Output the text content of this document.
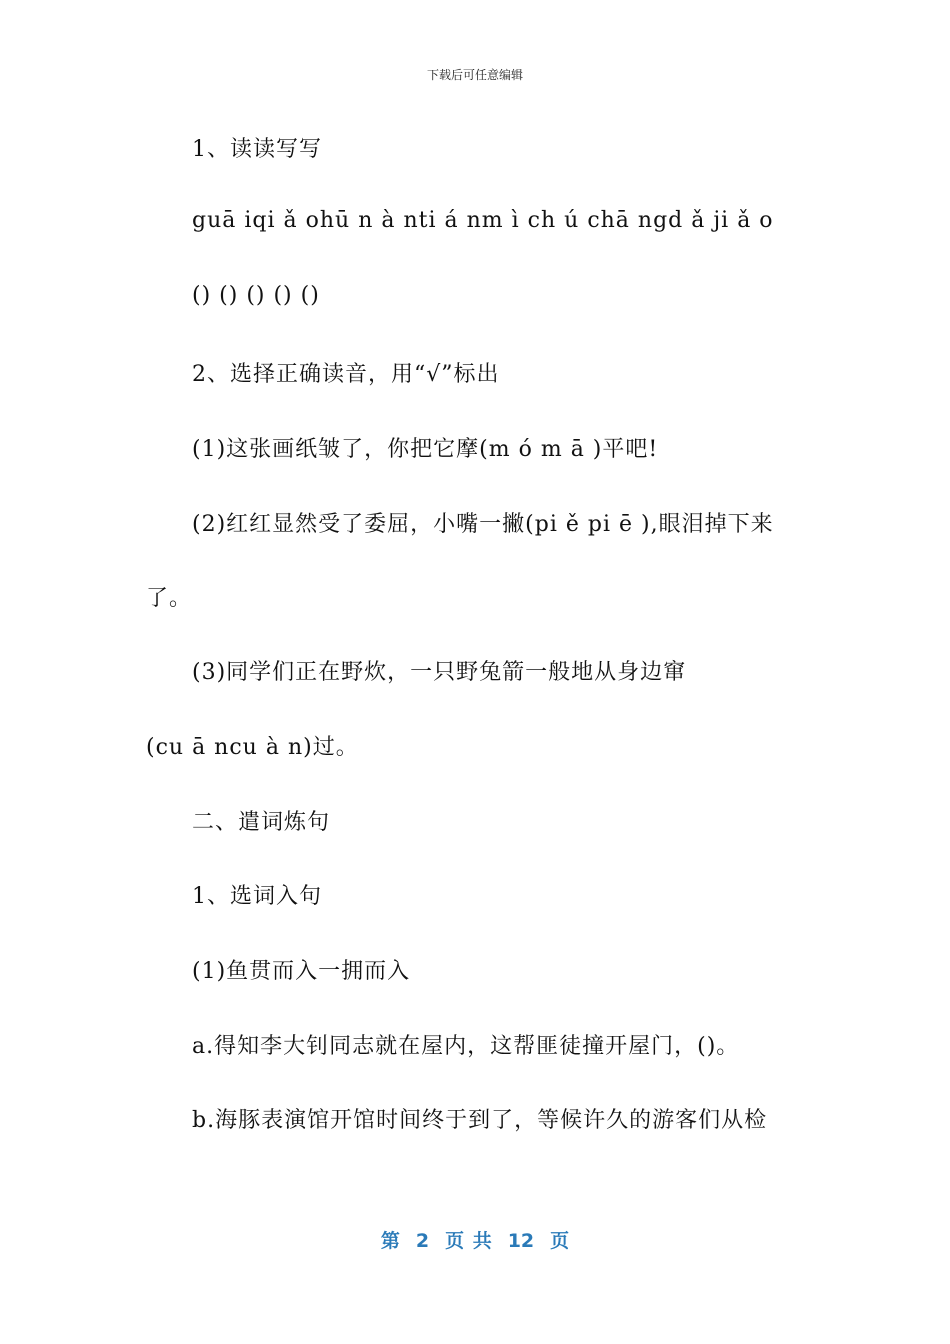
下载后可任意编辑
1、读读写写
guā iqi ǎ ohū n à nti á nm ì ch ú chā ngd ǎ ji ǎ o
() () () () ()
2、选择正确读音，用“√”标出
(1)这张画纸皱了，你把它摩(m ó m ā )平吧!
(2)红红显然受了委屈，小嘴一撇(pi ě pi ē ),眼泪掉下来
了。
(3)同学们正在野炊，一只野兔箭一般地从身边窜
(cu ā ncu à n)过。
二、遣词炼句
1、选词入句
(1)鱼贯而入一拥而入
a.得知李大钊同志就在屋内，这帮匪徒撞开屋门，()。
b.海豚表演馆开馆时间终于到了，等候许久的游客们从检
第 2 页 共 12 页
